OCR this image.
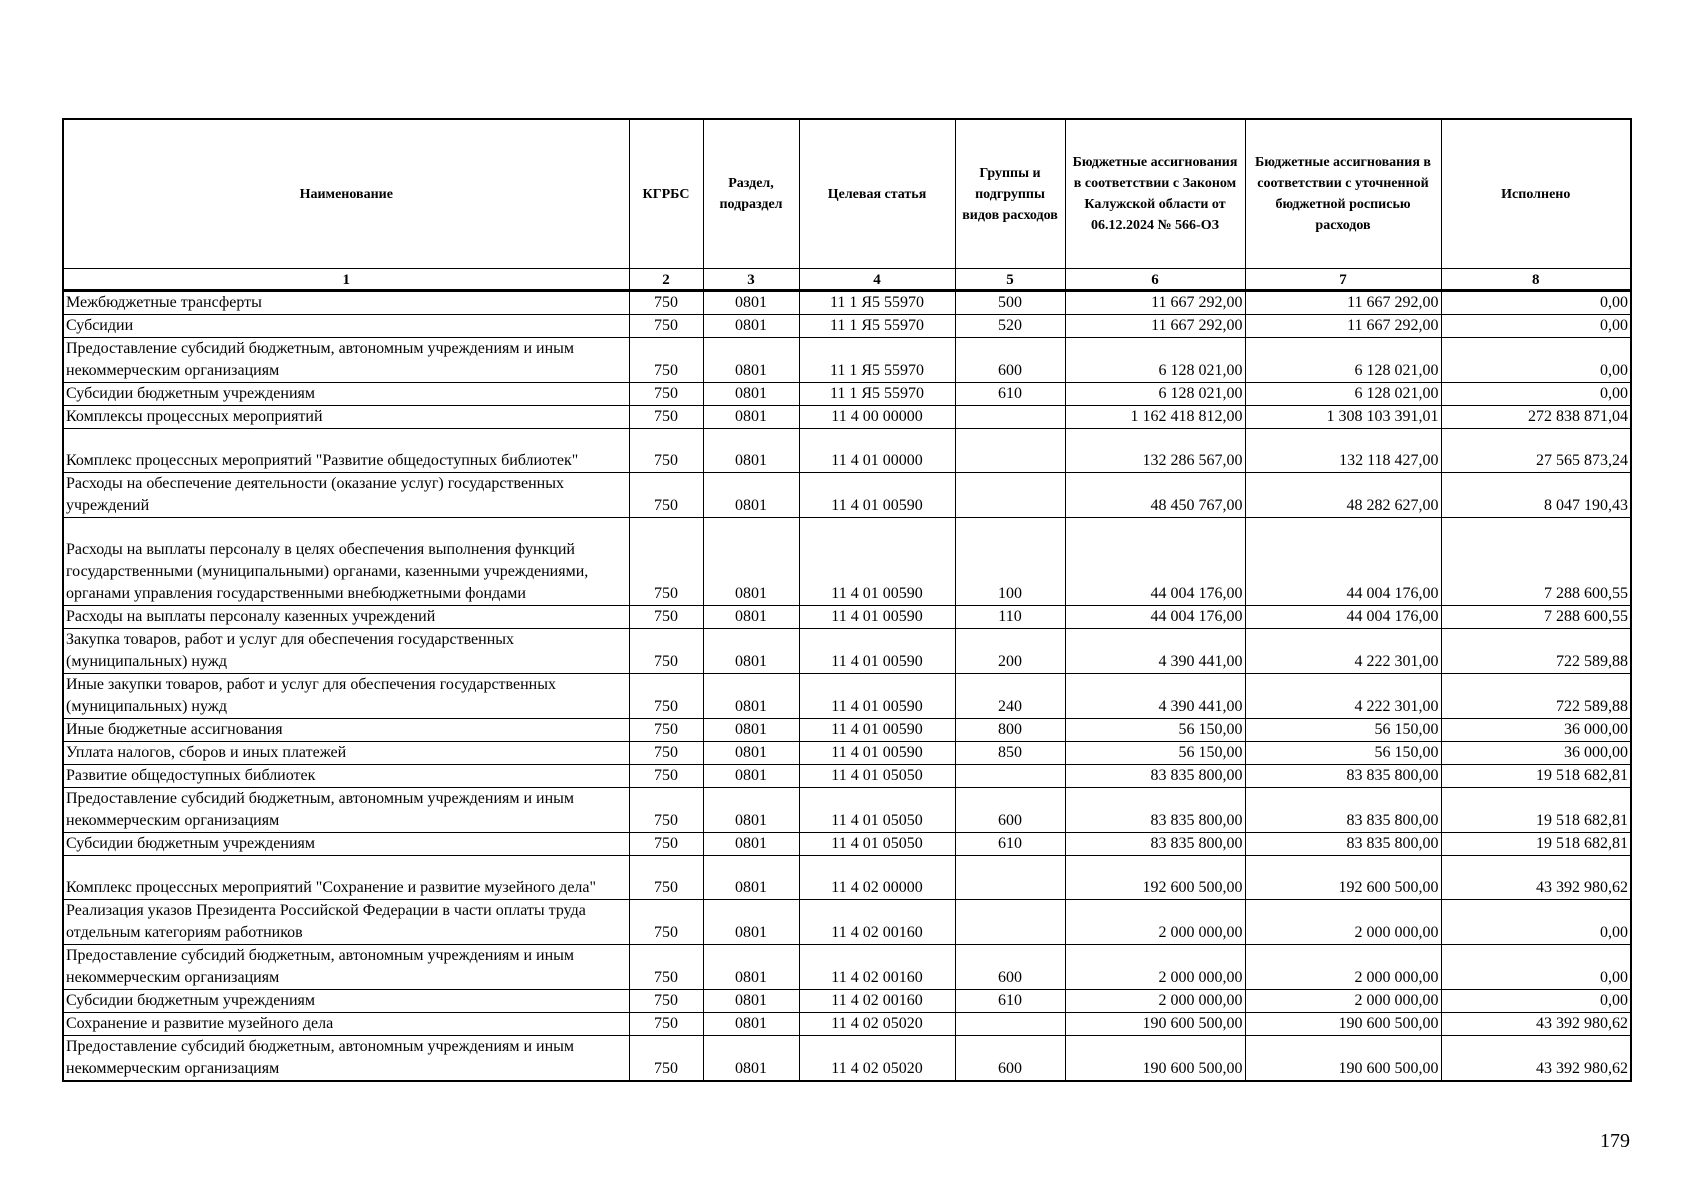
Наименование	КГРБС	Раздел, подраздел	Целевая статья	Группы и подгруппы видов расходов	Бюджетные ассигнования в соответствии с Законом Калужской области от 06.12.2024 № 566-ОЗ	Бюджетные ассигнования в соответствии с уточненной бюджетной росписью расходов	Исполнено
1	2	3	4	5	6	7	8
Межбюджетные трансферты	750	0801	11 1 Я5 55970	500	11 667 292,00	11 667 292,00	0,00
Субсидии	750	0801	11 1 Я5 55970	520	11 667 292,00	11 667 292,00	0,00
Предоставление субсидий бюджетным, автономным учреждениям и иным некоммерческим организациям	750	0801	11 1 Я5 55970	600	6 128 021,00	6 128 021,00	0,00
Субсидии бюджетным учреждениям	750	0801	11 1 Я5 55970	610	6 128 021,00	6 128 021,00	0,00
Комплексы процессных мероприятий	750	0801	11 4 00 00000		1 162 418 812,00	1 308 103 391,01	272 838 871,04
Комплекс процессных мероприятий "Развитие общедоступных библиотек"	750	0801	11 4 01 00000		132 286 567,00	132 118 427,00	27 565 873,24
Расходы на обеспечение деятельности (оказание услуг) государственных учреждений	750	0801	11 4 01 00590		48 450 767,00	48 282 627,00	8 047 190,43
Расходы на выплаты персоналу в целях обеспечения выполнения функций государственными (муниципальными) органами, казенными учреждениями, органами управления государственными внебюджетными фондами	750	0801	11 4 01 00590	100	44 004 176,00	44 004 176,00	7 288 600,55
Расходы на выплаты персоналу казенных учреждений	750	0801	11 4 01 00590	110	44 004 176,00	44 004 176,00	7 288 600,55
Закупка товаров, работ и услуг для обеспечения государственных (муниципальных) нужд	750	0801	11 4 01 00590	200	4 390 441,00	4 222 301,00	722 589,88
Иные закупки товаров, работ и услуг для обеспечения государственных (муниципальных) нужд	750	0801	11 4 01 00590	240	4 390 441,00	4 222 301,00	722 589,88
Иные бюджетные ассигнования	750	0801	11 4 01 00590	800	56 150,00	56 150,00	36 000,00
Уплата налогов, сборов и иных платежей	750	0801	11 4 01 00590	850	56 150,00	56 150,00	36 000,00
Развитие общедоступных библиотек	750	0801	11 4 01 05050		83 835 800,00	83 835 800,00	19 518 682,81
Предоставление субсидий бюджетным, автономным учреждениям и иным некоммерческим организациям	750	0801	11 4 01 05050	600	83 835 800,00	83 835 800,00	19 518 682,81
Субсидии бюджетным учреждениям	750	0801	11 4 01 05050	610	83 835 800,00	83 835 800,00	19 518 682,81
Комплекс процессных мероприятий "Сохранение и развитие музейного дела"	750	0801	11 4 02 00000		192 600 500,00	192 600 500,00	43 392 980,62
Реализация указов Президента Российской Федерации в части оплаты труда отдельным категориям работников	750	0801	11 4 02 00160		2 000 000,00	2 000 000,00	0,00
Предоставление субсидий бюджетным, автономным учреждениям и иным некоммерческим организациям	750	0801	11 4 02 00160	600	2 000 000,00	2 000 000,00	0,00
Субсидии бюджетным учреждениям	750	0801	11 4 02 00160	610	2 000 000,00	2 000 000,00	0,00
Сохранение и развитие музейного дела	750	0801	11 4 02 05020		190 600 500,00	190 600 500,00	43 392 980,62
Предоставление субсидий бюджетным, автономным учреждениям и иным некоммерческим организациям	750	0801	11 4 02 05020	600	190 600 500,00	190 600 500,00	43 392 980,62
179
